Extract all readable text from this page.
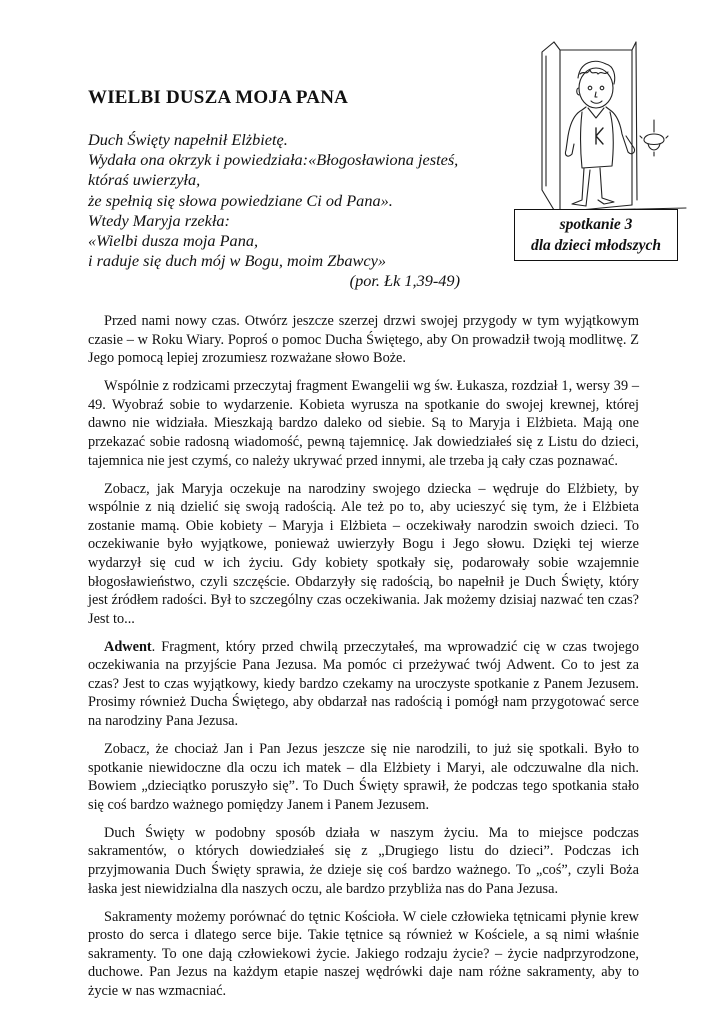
WIELBI DUSZA MOJA PANA
Duch Święty napełnił Elżbietę.
Wydała ona okrzyk i powiedziała:«Błogosławiona jesteś,
któraś uwierzyła,
że spełnią się słowa powiedziane Ci od Pana».
Wtedy Maryja rzekła:
«Wielbi dusza moja Pana,
i raduje się duch mój w Bogu, moim Zbawcy»
(por. Łk 1,39-49)
spotkanie 3
dla dzieci młodszych

Przed nami nowy czas. Otwórz jeszcze szerzej drzwi swojej przygody w tym wyjątkowym czasie – w Roku Wiary. Poproś o pomoc Ducha Świętego, aby On prowadził twoją modlitwę. Z Jego pomocą lepiej zrozumiesz rozważane słowo Boże.

Wspólnie z rodzicami przeczytaj fragment Ewangelii wg św. Łukasza, rozdział 1, wersy 39 – 49. Wyobraź sobie to wydarzenie. Kobieta wyrusza na spotkanie do swojej krewnej, której dawno nie widziała. Mieszkają bardzo daleko od siebie. Są to Maryja i Elżbieta. Mają one przekazać sobie radosną wiadomość, pewną tajemnicę. Jak dowiedziałeś się z Listu do dzieci, tajemnica nie jest czymś, co należy ukrywać przed innymi, ale trzeba ją cały czas poznawać.

Zobacz, jak Maryja oczekuje na narodziny swojego dziecka – wędruje do Elżbiety, by wspólnie z nią dzielić się swoją radością. Ale też po to, aby ucieszyć się tym, że i Elżbieta zostanie mamą. Obie kobiety – Maryja i Elżbieta – oczekiwały narodzin swoich dzieci. To oczekiwanie było wyjątkowe, ponieważ uwierzyły Bogu i Jego słowu. Dzięki tej wierze wydarzył się cud w ich życiu. Gdy kobiety spotkały się, podarowały sobie wzajemnie błogosławieństwo, czyli szczęście. Obdarzyły się radością, bo napełnił je Duch Święty, który jest źródłem radości. Był to szczególny czas oczekiwania. Jak możemy dzisiaj nazwać ten czas? Jest to...

Adwent. Fragment, który przed chwilą przeczytałeś, ma wprowadzić cię w czas twojego oczekiwania na przyjście Pana Jezusa. Ma pomóc ci przeżywać twój Adwent. Co to jest za czas? Jest to czas wyjątkowy, kiedy bardzo czekamy na uroczyste spotkanie z Panem Jezusem. Prosimy również Ducha Świętego, aby obdarzał nas radością i pomógł nam przygotować serce na narodziny Pana Jezusa.

Zobacz, że chociaż Jan i Pan Jezus jeszcze się nie narodzili, to już się spotkali. Było to spotkanie niewidoczne dla oczu ich matek – dla Elżbiety i Maryi, ale odczuwalne dla nich. Bowiem „dzieciątko poruszyło się”. To Duch Święty sprawił, że podczas tego spotkania stało się coś bardzo ważnego pomiędzy Janem i Panem Jezusem.

Duch Święty w podobny sposób działa w naszym życiu. Ma to miejsce podczas sakramentów, o których dowiedziałeś się z „Drugiego listu do dzieci”. Podczas ich przyjmowania Duch Święty sprawia, że dzieje się coś bardzo ważnego. To „coś”, czyli Boża łaska jest niewidzialna dla naszych oczu, ale bardzo przybliża nas do Pana Jezusa.

Sakramenty możemy porównać do tętnic Kościoła. W ciele człowieka tętnicami płynie krew prosto do serca i dlatego serce bije. Takie tętnice są również w Kościele, a są nimi właśnie sakramenty. To one dają człowiekowi życie. Jakiego rodzaju życie? – życie nadprzyrodzone, duchowe. Pan Jezus na każdym etapie naszej wędrówki daje nam różne sakramenty, aby to życie w nas wzmacniać.
